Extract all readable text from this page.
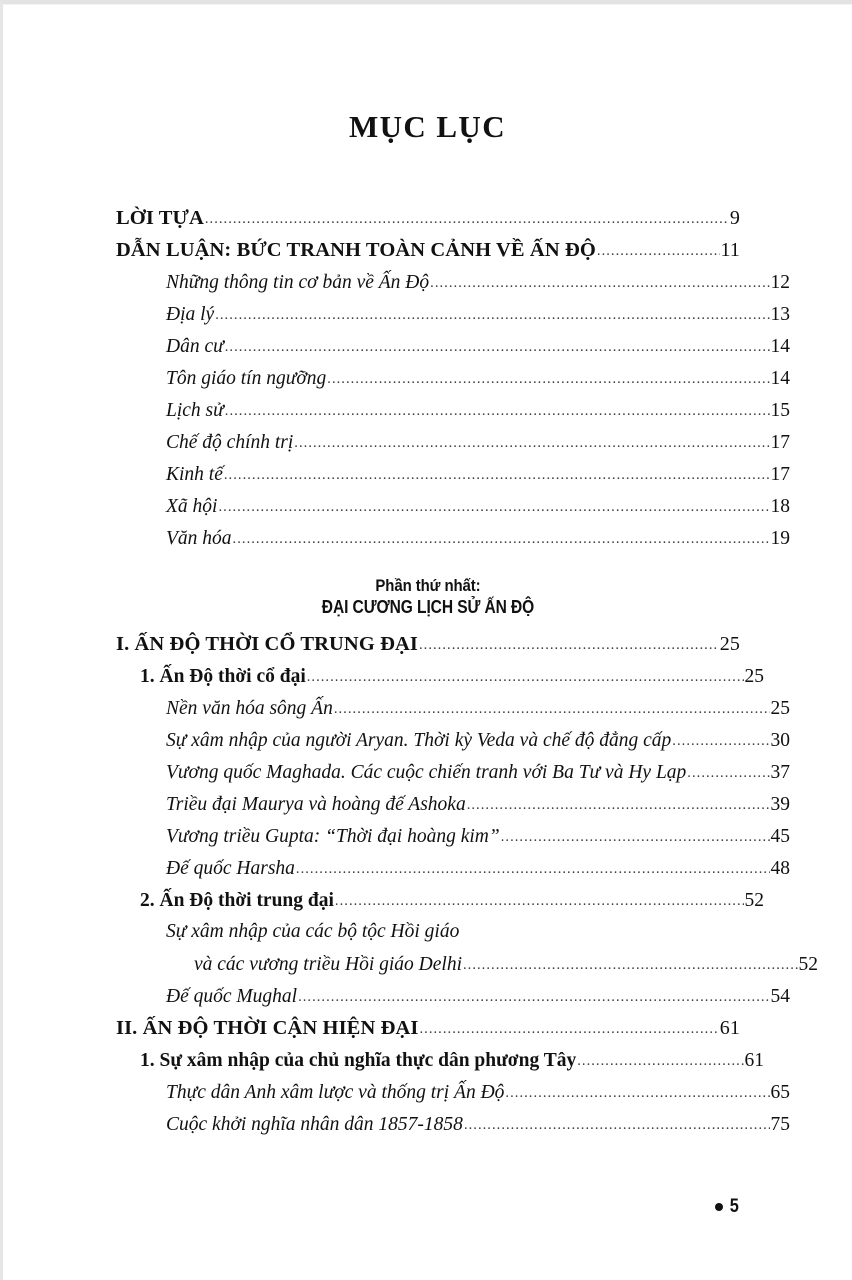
MỤC LỤC
LỜI TỰA .....	9
DẪN LUẬN: BỨC TRANH TOÀN CẢNH VỀ ẤN ĐỘ .....	11
Những thông tin cơ bản về Ấn Độ .....	12
Địa lý .....	13
Dân cư .....	14
Tôn giáo tín ngưỡng .....	14
Lịch sử .....	15
Chế độ chính trị .....	17
Kinh tế .....	17
Xã hội .....	18
Văn hóa .....	19
Phần thứ nhất:
ĐẠI CƯƠNG LỊCH SỬ ẤN ĐỘ
I. ẤN ĐỘ THỜI CỔ TRUNG ĐẠI .....	25
1. Ấn Độ thời cổ đại .....	25
Nền văn hóa sông Ấn .....	25
Sự xâm nhập của người Aryan. Thời kỳ Veda và chế độ đẳng cấp .....	30
Vương quốc Maghada. Các cuộc chiến tranh với Ba Tư và Hy Lạp .....	37
Triều đại Maurya và hoàng đế Ashoka .....	39
Vương triều Gupta: “Thời đại hoàng kim” .....	45
Đế quốc Harsha .....	48
2. Ấn Độ thời trung đại .....	52
Sự xâm nhập của các bộ tộc Hồi giáo
và các vương triều Hồi giáo Delhi .....	52
Đế quốc Mughal .....	54
II. ẤN ĐỘ THỜI CẬN HIỆN ĐẠI .....	61
1. Sự xâm nhập của chủ nghĩa thực dân phương Tây .....	61
Thực dân Anh xâm lược và thống trị Ấn Độ .....	65
Cuộc khởi nghĩa nhân dân 1857-1858 .....	75
5
